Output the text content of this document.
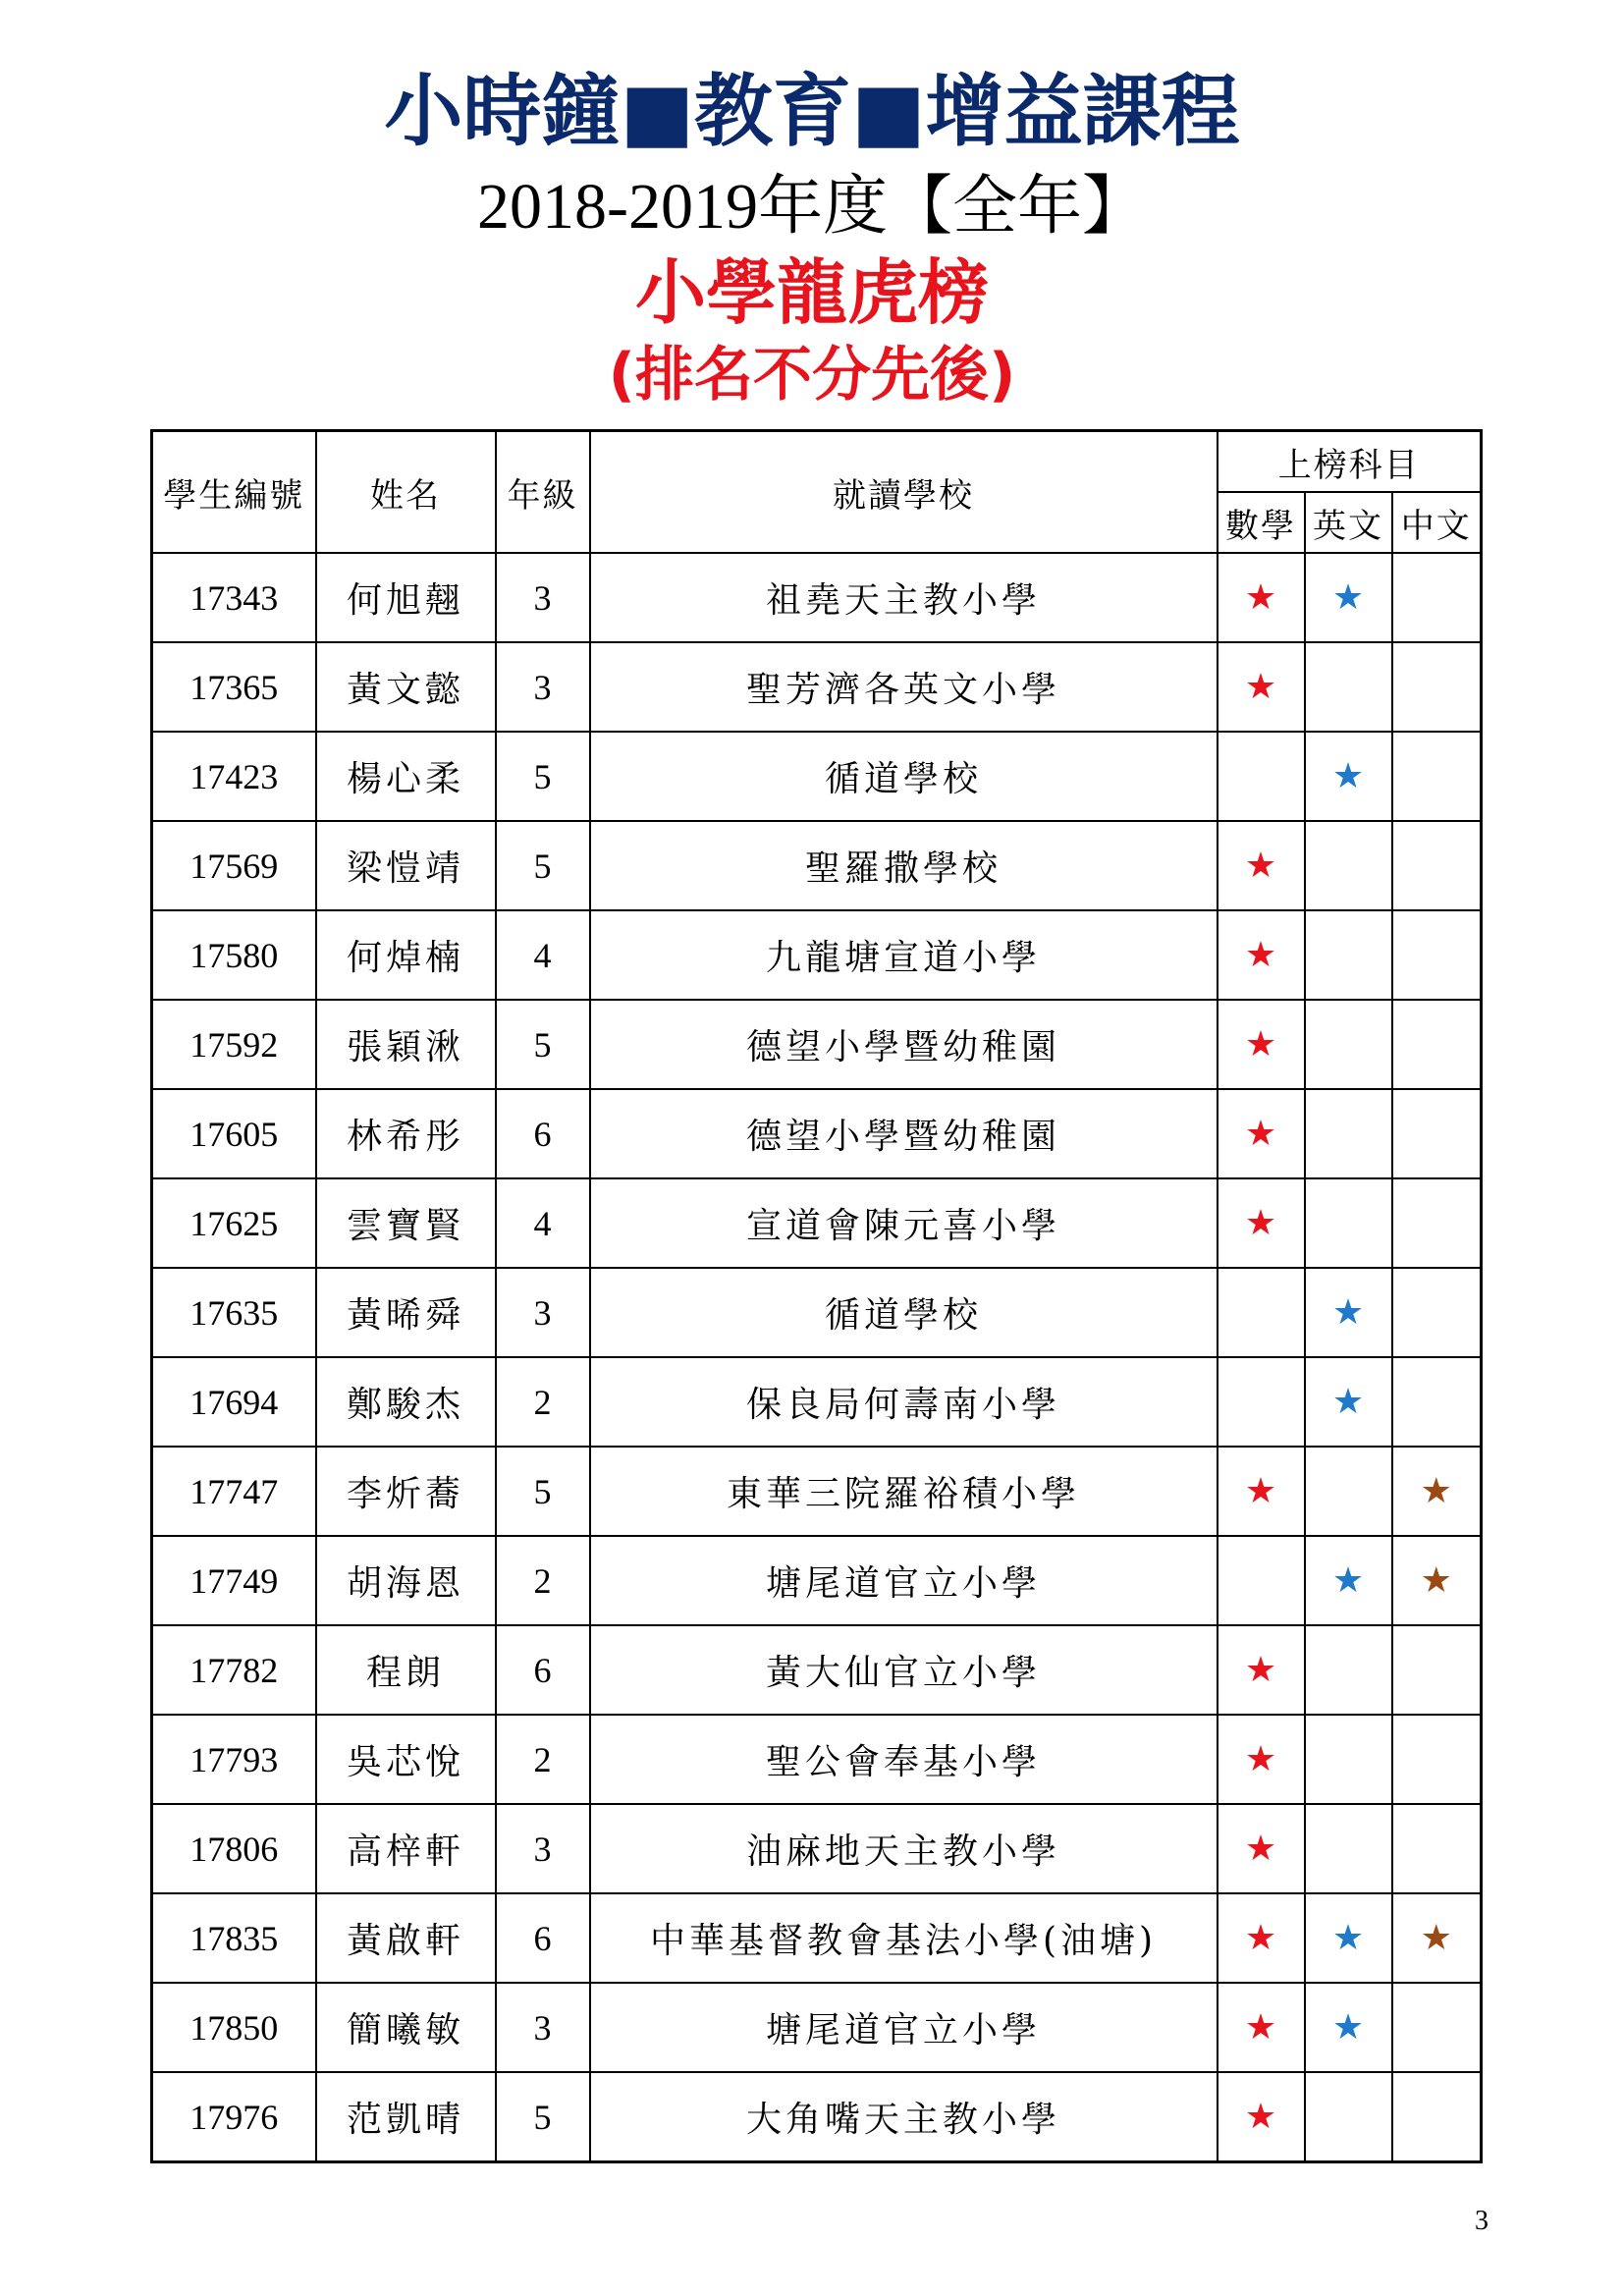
小時鐘■教育■增益課程
2018-2019年度【全年】
小學龍虎榜
(排名不分先後)
學生編號	姓名	年級	就讀學校	上榜科目		
				數學	英文	中文
17343	何旭翹	3	祖堯天主教小學	★	★	
17365	黃文懿	3	聖芳濟各英文小學	★		
17423	楊心柔	5	循道學校		★	
17569	梁愷靖	5	聖羅撒學校	★		
17580	何焯楠	4	九龍塘宣道小學	★		
17592	張穎湫	5	德望小學暨幼稚園	★		
17605	林希彤	6	德望小學暨幼稚園	★		
17625	雲寶賢	4	宣道會陳元喜小學	★		
17635	黃晞舜	3	循道學校		★	
17694	鄭駿杰	2	保良局何壽南小學		★	
17747	李炘蕎	5	東華三院羅裕積小學	★		★
17749	胡海恩	2	塘尾道官立小學		★	★
17782	程朗	6	黃大仙官立小學	★		
17793	吳芯悅	2	聖公會奉基小學	★		
17806	高梓軒	3	油麻地天主教小學	★		
17835	黃啟軒	6	中華基督教會基法小學(油塘)	★	★	★
17850	簡曦敏	3	塘尾道官立小學	★	★	
17976	范凱晴	5	大角嘴天主教小學	★		
3
